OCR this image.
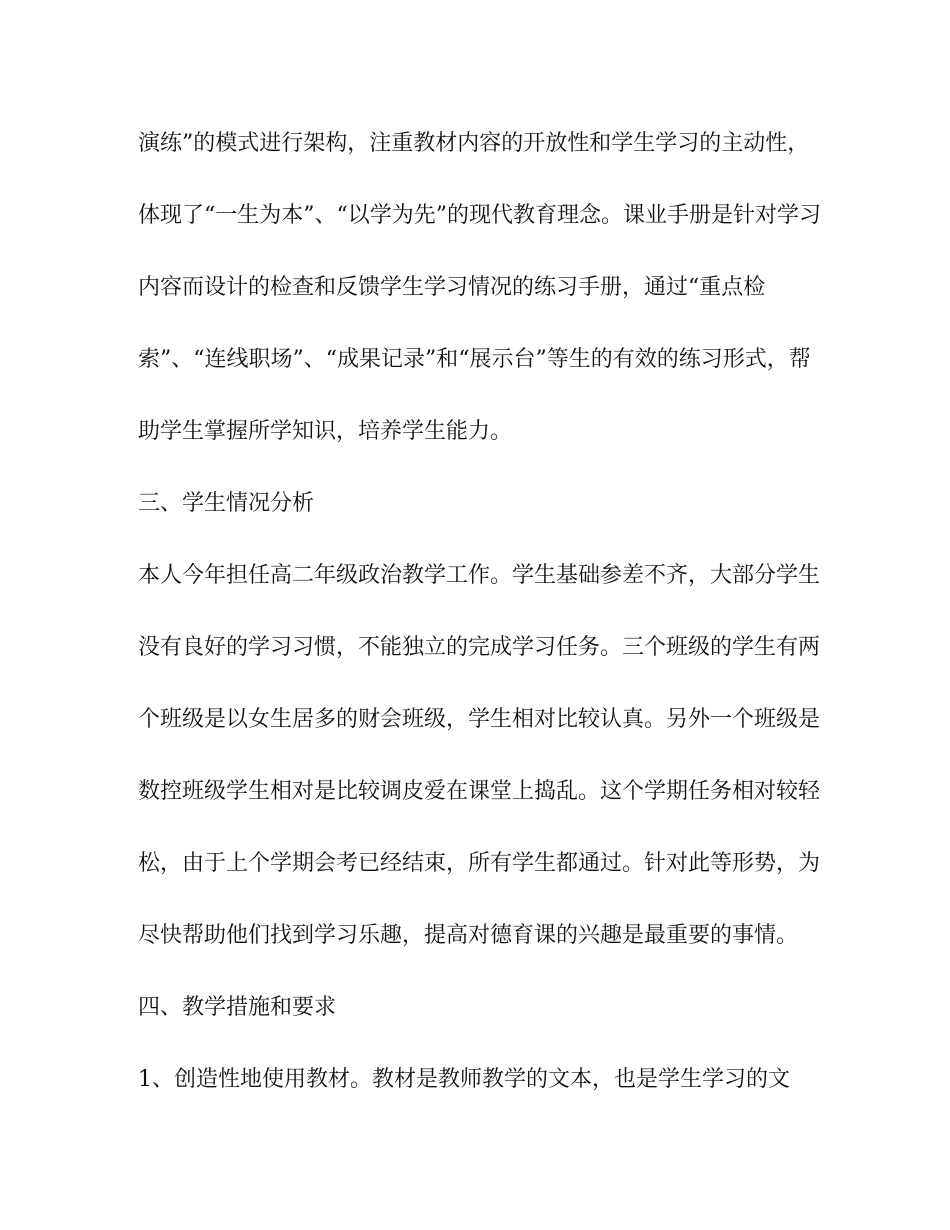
演练”的模式进行架构，注重教材内容的开放性和学生学习的主动性，
体现了“一生为本”、“以学为先”的现代教育理念。课业手册是针对学习
内容而设计的检查和反馈学生学习情况的练习手册，通过“重点检
索”、“连线职场”、“成果记录”和“展示台”等生的有效的练习形式，帮
助学生掌握所学知识，培养学生能力。
三、学生情况分析
本人今年担任高二年级政治教学工作。学生基础参差不齐，大部分学生
没有良好的学习习惯，不能独立的完成学习任务。三个班级的学生有两
个班级是以女生居多的财会班级，学生相对比较认真。另外一个班级是
数控班级学生相对是比较调皮爱在课堂上捣乱。这个学期任务相对较轻
松，由于上个学期会考已经结束，所有学生都通过。针对此等形势，为
尽快帮助他们找到学习乐趣，提高对德育课的兴趣是最重要的事情。
四、教学措施和要求
1、创造性地使用教材。教材是教师教学的文本，也是学生学习的文
